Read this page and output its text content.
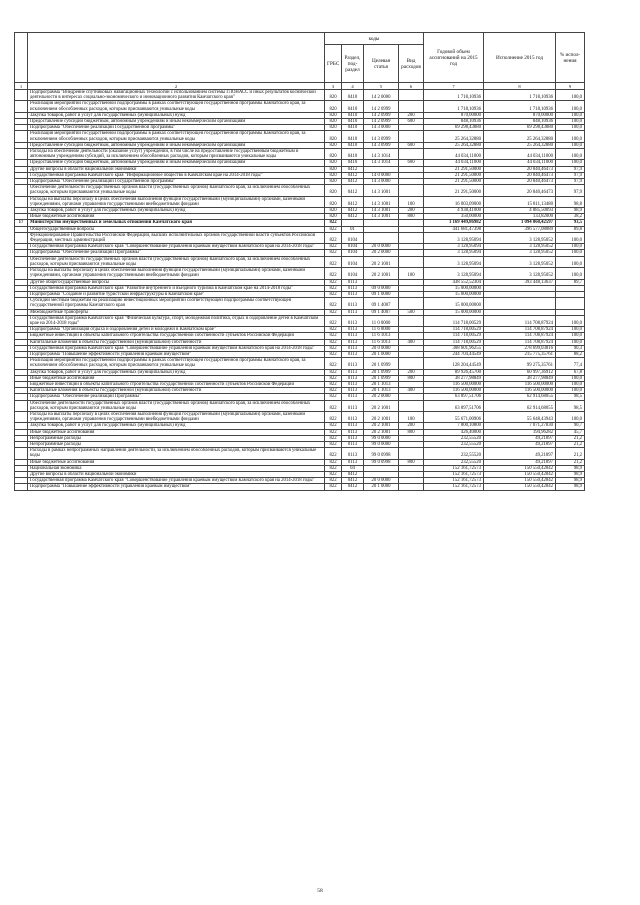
		коды				Годовой объем ассигнований на 2015 год	Исполнение 2015 год	% испол-нения
		ГРБС	Раздел, под-раздел	Целевая статья	Вид расходов			
1	2	3	4	5	6	7	8	9
	Подпрограмма "Внедрение спутниковых навигационных технологий с использованием системы ГЛОНАСС и иных результатов космической деятельности в интересах социально-экономического и инновационного развития Камчатского края"	820	0410	14 2 0000		1 718,10936	1 718,10936	100,0
	Реализация мероприятий государственной подпрограммы в рамках соответствующей государственной программы Камчатского края, за исключением обособленных расходов, которым присваиваются уникальные коды	820	0410	14 2 0999		1 718,10936	1 718,10936	100,0
	Закупка товаров, работ и услуг для государственных (муниципальных) нужд	820	0410	14 2 0999	200	870,00000	870,00000	100,0
	Предоставление субсидий бюджетным, автономным учреждениям и иным некоммерческим организациям	820	0410	14 2 0999	600	848,10936	848,10936	100,0
	Подпрограмма "Обеспечение реализации Государственной программы"	820	0410	14 3 0000		69 298,43880	69 298,43880	100,0
	Реализация мероприятий государственной подпрограммы в рамках соответствующей государственной программы Камчатского края, за исключением обособленных расходов, которым присваиваются уникальные коды	820	0410	14 3 0999		25 264,32880	25 264,32880	100,0
	Предоставление субсидий бюджетным, автономным учреждениям и иным некоммерческим организациям	820	0410	14 3 0999	600	25 264,32880	25 264,32880	100,0
	Расходы на обеспечение деятельности (оказание услуг) учреждений, в том числе на предоставление государственным бюджетным и автономным учреждениям субсидий, за исключением обособленных расходов, которым присваиваются уникальные коды	820	0410	14 3 1014		44 034,11000	44 034,11000	100,0
	Предоставление субсидий бюджетным, автономным учреждениям и иным некоммерческим организациям	820	0410	14 3 1014	600	44 034,11000	44 034,11000	100,0
	Другие вопросы в области национальной экономики	820	0412			21 291,50000	20 840,46473	97,9
	Государственная программа Камчатского края "Информационное общество в Камчатском крае на 2014-2018 годы"	820	0412	14 0 0000		21 291,50000	20 840,46473	97,9
	Подпрограмма "Обеспечение реализации Государственной программы"	820	0412	14 3 0000		21 291,50000	20 840,46473	97,9
	Обеспечение деятельности государственных органов власти (государственных органов) Камчатского края, за исключением обособленных расходов, которым присваиваются уникальные коды	820	0412	14 3 1001		21 291,50000	20 840,46473	97,9
	Расходы на выплаты персоналу в целях обеспечения выполнения функций государственными (муниципальными) органами, казенными учреждениями, органами управления государственными внебюджетными фондами	820	0412	14 3 1001	100	16 003,09000	15 811,13480	98,8
	Закупка товаров, работ и услуг для государственных (муниципальных) нужд	820	0412	14 3 1001	200	4 938,41000	4 885,50093	98,9
	Иные бюджетные ассигнования	820	0412	14 3 1001	800	350,00000	133,82000	38,2
17	Министерство имущественных и земельных отношений Камчатского края	822				1 169 449,86982	1 094 060,42597	93,5
	Общегосударственные вопросы	822	01			441 681,47398	396 577,08089	89,8
	Функционирование Правительства Российской Федерации, высших исполнительных органов государственной власти субъектов Российской Федерации, местных администраций	822	0104			3 128,95094	3 128,95052	100,0
	Государственная программа Камчатского края "Совершенствование управления краевым имуществом Камчатского края на 2014-2018 годы"	822	0104	20 0 0000		3 128,95094	3 128,95052	100,0
	Подпрограмма "Обеспечение реализации Программы"	822	0104	20 2 0000		3 128,95094	3 128,95052	100,0
	Обеспечение деятельности государственных органов власти (государственных органов) Камчатского края, за исключением обособленных расходов, которым присваиваются уникальные коды	822	0104	20 2 1001		3 128,95094	3 128,95052	100,0
	Расходы на выплаты персоналу в целях обеспечения выполнения функций государственными (муниципальными) органами, казенными учреждениями, органами управления государственными внебюджетными фондами	822	0104	20 2 1001	100	3 128,95094	3 128,95052	100,0
	Другие общегосударственные вопросы	822	0113			438 552,52304	393 448,13637	89,7
	Государственная программа Камчатского края "Развитие внутреннего и въездного туризма в Камчатском крае на 2014-2018 годы"	822	0113	09 0 0000		15 000,00000		
	Подпрограмма "Создание и развитие туристской инфраструктуры в Камчатском крае"	822	0113	09 1 0000		15 000,00000		
	Субсидии местным бюджетам на реализацию инвестиционных мероприятий соответствующей подпрограммы соответствующей государственной программы Камчатского края	822	0113	09 1 4007		15 000,00000		
	Межбюджетные трансферты	822	0113	09 1 4007	500	15 000,00000		
	Государственная программа Камчатского края "Физическая культура, спорт, молодежная политика, отдых и оздоровление детей в Камчатском крае на 2014-2018 годы"	822	0113	11 0 0000		114 718,00529	114 708,87924	100,0
	Подпрограмма "Организация отдыха и оздоровления детей и молодежи в Камчатском крае"	822	0113	11 6 0000		114 718,00529	114 708,87924	100,0
	Бюджетные инвестиции в объекты капитального строительства государственной собственности субъектов Российской Федерации	822	0113	11 6 1013		114 718,00529	114 708,87924	100,0
	Капитальные вложения в объекты государственной (муниципальной) собственности	822	0113	11 6 1013	400	114 718,00529	114 708,87924	100,0
	Государственная программа Камчатского края "Совершенствование управления краевым имуществом Камчатского края на 2014-2018 годы"	822	0113	20 0 0000		308 601,96255	278 699,03816	90,3
	Подпрограмма "Повышение эффективности управления краевым имуществом"	822	0113	20 1 0000		244 704,44549	215 775,35761	88,2
	Реализация мероприятий государственной подпрограммы в рамках соответствующей государственной программы Камчатского края, за исключением обособленных расходов, которым присваиваются уникальные коды	822	0113	20 1 0999		128 204,44549	99 275,35761	77,4
	Закупка товаров, работ и услуг для государственных (муниципальных) нужд	822	0113	20 1 0999	200	89 926,45700	60 997,36912	67,8
	Иные бюджетные ассигнования	822	0113	20 1 0999	800	38 277,98849	38 277,98849	100,0
	Бюджетные инвестиции в объекты капитального строительства государственной собственности субъектов Российской Федерации	822	0113	20 1 1013		116 500,00000	116 500,00000	100,0
	Капитальные вложения в объекты государственной (муниципальной) собственности	822	0113	20 1 1013	400	116 500,00000	116 500,00000	100,0
	Подпрограмма "Обеспечение реализации Программы"	822	0113	20 2 0000		63 897,51706	62 914,68055	98,5
	Обеспечение деятельности государственных органов власти (государственных органов) Камчатского края, за исключением обособленных расходов, которым присваиваются уникальные коды	822	0113	20 2 1001		63 897,51706	62 914,68055	98,5
	Расходы на выплаты персоналу в целях обеспечения выполнения функций государственными (муниципальными) органами, казенными учреждениями, органами управления государственными внебюджетными фондами	822	0113	20 2 1001	100	55 671,00906	55 648,43943	100,0
	Закупка товаров, работ и услуг для государственных (муниципальных) нужд	822	0113	20 2 1001	200	7 800,10800	7 071,27830	90,7
	Иные бюджетные ассигнования	822	0113	20 2 1001	800	426,40000	194,96282	45,7
	Непрограммные расходы	822	0113	99 0 0000		232,55520	49,21897	21,2
	Непрограммные расходы	822	0113	99 0 0000		232,55520	49,21897	21,2
	Расходы в рамках непрограммных направлений деятельности, за исключением обособленных расходов, которым присваиваются уникальные коды	822	0113	99 0 0998		232,55520	49,21897	21,2
	Иные бюджетные ассигнования	822	0113	99 0 0998	800	232,55520	49,21897	21,2
	Национальная экономика	822	04			152 161,72573	150 550,42842	98,9
	Другие вопросы в области национальной экономики	822	0412			152 161,72573	150 550,42842	98,9
	Государственная программа Камчатского края "Совершенствование управления краевым имуществом Камчатского края на 2014-2018 годы"	822	0412	20 0 0000		152 161,72573	150 550,42842	98,9
	Подпрограмма "Повышение эффективности управления краевым имуществом"	822	0412	20 1 0000		152 161,72573	150 550,42842	98,9
58
